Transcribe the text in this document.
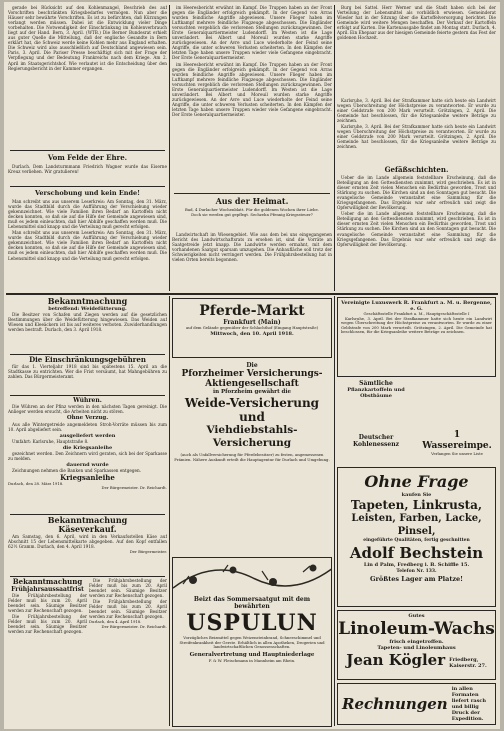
gerade bei Rücksicht auf den Kohlenmangel, Beschrieb des auf Vorschriften beschränkten Kriegsbedarfes vermögen. Nun aber die Häuser sehr bewährte Vorschriften. Es ist zu befürchten, daß Kürzungen verlangt werden müssen. Dabei ist die Entwicklung vieler Dinge vorbehalten. Die Notwendigkeit der Einschränkung im Kohlenverbrauch liegt auf der Hand. Bern, 3. April. (WTB.) Die Berner Bundesrat erhielt aus guter Quelle die Mitteilung, daß der englische Gesandte in Bern erklärt hat, die Schweiz werde keine Kohlen mehr aus England erhalten. Die Schweiz wird also ausschließlich auf Deutschland angewiesen sein. Paris, 3. April. Die Pariser Presse beschäftigt sich mit der Frage der Verpflegung und der Bedeutung Frankreichs nach dem Kriege. Am 2. April im Staatsgerichtshof. Wie verlautet ist die Entscheidung über den Regierungsbericht in der Kammer ergangen.

Vom Felde der Ehre.

Durlach. Dem Landsturmmann Friedrich Wagner wurde das Eiserne Kreuz verliehen. Wir gratulieren!

Verschobung und kein Ende!

Man schreibt uns aus unserem Leserkreis: Am Sonntag, den 31. März, wurde das Stadtbild durch die Aufführung der Verschiebung wieder gekennzeichnet. Wie viele Familien ihren Bedarf an Kartoffeln nicht decken konnten, so daß sie auf die Hilfe der Gemeinde angewiesen sind, muß es jedem einleuchten, daß hier Abhilfe geschaffen werden muß. Die Lebensmittel sind knapp und die Verteilung muß gerecht erfolgen.

Man schreibt uns aus unserem Leserkreis: Am Sonntag, den 31. März, wurde das Stadtbild durch die Aufführung der Verschiebung wieder gekennzeichnet. Wie viele Familien ihren Bedarf an Kartoffeln nicht decken konnten, so daß sie auf die Hilfe der Gemeinde angewiesen sind, muß es jedem einleuchten, daß hier Abhilfe geschaffen werden muß. Die Lebensmittel sind knapp und die Verteilung muß gerecht erfolgen.

im Heeresbericht erwähnt im Kampf. Die Truppen haben an der Front gegen die Engländer erfolgreich gekämpft. In der Gegend von Arras wurden feindliche Angriffe abgewiesen. Unsere Flieger haben im Luftkampf mehrere feindliche Flugzeuge abgeschossen. Die Engländer versuchten vergeblich die verlorenen Stellungen zurückzugewinnen. Der Erste Generalquartiermeister Ludendorff. Im Westen ist die Lage unverändert. Bei Albert und Moreuil wurden starke Angriffe zurückgewiesen. An der Avre und Luce wiederholte der Feind seine Angriffe, die unter schweren Verlusten scheiterten. In den Kämpfen der letzten Tage haben unsere Truppen wieder viele Gefangene eingebracht. Der Erste Generalquartiermeister.

im Heeresbericht erwähnt im Kampf. Die Truppen haben an der Front gegen die Engländer erfolgreich gekämpft. In der Gegend von Arras wurden feindliche Angriffe abgewiesen. Unsere Flieger haben im Luftkampf mehrere feindliche Flugzeuge abgeschossen. Die Engländer versuchten vergeblich die verlorenen Stellungen zurückzugewinnen. Der Erste Generalquartiermeister Ludendorff. Im Westen ist die Lage unverändert. Bei Albert und Moreuil wurden starke Angriffe zurückgewiesen. An der Avre und Luce wiederholte der Feind seine Angriffe, die unter schweren Verlusten scheiterten. In den Kämpfen der letzten Tage haben unsere Truppen wieder viele Gefangene eingebracht. Der Erste Generalquartiermeister.

Aus der Heimat.

Bad, 4 Durlacher Wochenblatt. Für die goldenen Wochen ihrer Liebe. Doch sie werden gut gepflegt. Sechzehn Pfennig Kriegssteuer?

Landwirtschaft im Wiesengebiet. Wie aus dem bei uns eingegangenen Bericht des Landwirtschaftsrats zu ersehen ist, sind die Vorräte an Saatgetreide jetzt knapp. Die Landwirte werden ermahnt, mit dem vorhandenen Saatgut sparsam umzugehen. Die Anbaufläche soll trotz der Schwierigkeiten nicht verringert werden. Die Frühjahrsbestellung hat in vielen Orten bereits begonnen.

Burg bei Sattel. Herr Werner und die Stadt haben sich bei der Verteilung der Lebensmittel als vorbildlich erwiesen. Gemeinderat Wiesler hat in der Sitzung über die Kartoffelversorgung berichtet. Die Gemeinde wird weitere Mengen beschaffen. Der Verkauf der Kartoffeln erfolgt auf Karten. Die Kartenausgabe findet am Montag statt. Durlach, 4. April. Ein Ehepaar aus der hiesigen Gemeinde feierte gestern das Fest der goldenen Hochzeit.

Karlsruhe, 3. April. Bei der Strafkammer hatte sich heute ein Landwirt wegen Überschreitung der Höchstpreise zu verantworten. Er wurde zu einer Geldstrafe von 200 Mark verurteilt. Grötzingen, 2. April. Die Gemeinde hat beschlossen, für die Kriegsanleihe weitere Beträge zu zeichnen.

Karlsruhe, 3. April. Bei der Strafkammer hatte sich heute ein Landwirt wegen Überschreitung der Höchstpreise zu verantworten. Er wurde zu einer Geldstrafe von 200 Mark verurteilt. Grötzingen, 2. April. Die Gemeinde hat beschlossen, für die Kriegsanleihe weitere Beträge zu zeichnen.

Gefäßschichten.

Ueber die im Lande allgemein feststellbare Erscheinung, daß die Beteiligung an den Gottesdiensten zunimmt, wird geschrieben. Es ist in dieser ernsten Zeit vielen Menschen ein Bedürfnis geworden, Trost und Stärkung zu suchen. Die Kirchen sind an den Sonntagen gut besucht. Die evangelische Gemeinde veranstaltet eine Sammlung für die Kriegsgefangenen. Das Ergebnis war sehr erfreulich und zeigt die Opferwilligkeit der Bevölkerung.

Ueber die im Lande allgemein feststellbare Erscheinung, daß die Beteiligung an den Gottesdiensten zunimmt, wird geschrieben. Es ist in dieser ernsten Zeit vielen Menschen ein Bedürfnis geworden, Trost und Stärkung zu suchen. Die Kirchen sind an den Sonntagen gut besucht. Die evangelische Gemeinde veranstaltet eine Sammlung für die Kriegsgefangenen. Das Ergebnis war sehr erfreulich und zeigt die Opferwilligkeit der Bevölkerung.

Bekanntmachung
betreffend: Weidefütterung.

Die Besitzer von Schafen und Ziegen werden auf die gesetzlichen Bestimmungen über die Weidefütterung hingewiesen. Das Weiden auf Wiesen und Kleeäckern ist bis auf weiteres verboten. Zuwiderhandlungen werden bestraft. Durlach, den 3. April 1918.

Die Einschränkungsgebühren

für das 1. Vierteljahr 1918 sind bis spätestens 15. April an die Stadtkasse zu entrichten. Wer die Frist versäumt, hat Mahngebühren zu zahlen. Das Bürgermeisteramt.

Wühren.

Die Wühren an der Pfinz werden in den nächsten Tagen gereinigt. Die Anlieger werden ersucht, die Arbeiten nicht zu stören.

Ohne Verzug.

Aus alle Wintergetreide angemeldeten Stroh-Vorräte müssen bis zum 10. April abgeliefert sein.

ausgeliefert werden

Umfahrt: Karlsruhe, Hauptstraße 8.

die Kriegsanleihe

gezeichnet werden. Den Zeichnern wird geraten, sich bei der Sparkasse zu melden.

dauernd wurde

Zeichnungen nehmen die Banken und Sparkassen entgegen.

Kriegsanleihe
Durlach, den 28. März 1918.
Der Bürgermeister. Dr. Reichardt.
Bekanntmachung
Käseverkauf.

Am Samstag, den 6. April, wird in den Verkaufsstellen Käse auf Abschnitt 15 der Lebensmittelkarte abgegeben. Auf den Kopf entfallen 62½ Gramm. Durlach, den 4. April 1918.

Der Bürgermeister.
Bekanntmachung
Frühjahrsaussaatfrist

Die Frühjahrsbestellung der Felder muß bis zum 20. April beendet sein. Säumige Besitzer werden zur Rechenschaft gezogen.

Die Frühjahrsbestellung der Felder muß bis zum 20. April beendet sein. Säumige Besitzer werden zur Rechenschaft gezogen.

Die Frühjahrsbestellung der Felder muß bis zum 20. April beendet sein. Säumige Besitzer werden zur Rechenschaft gezogen.

Die Frühjahrsbestellung der Felder muß bis zum 20. April beendet sein. Säumige Besitzer werden zur Rechenschaft gezogen.

Durlach, den 4. April 1918.
Der Bürgermeister. Dr. Reichardt.
Pferde-Markt
Frankfurt (Main)
auf dem Gelände gegenüber der Schlachthof (Eingang Hauptstraße)
Mittwoch, den 10. April 1918.
Die
Pforzheimer Versicherungs-Aktiengesellschaft
in Pforzheim gewährt die
Weide-Versicherung und
Viehdiebstahls-Versicherung
(auch als Unfallversicherung für Pferdebesitzer) zu festen, angemessenen Prämien. Nähere Auskunft erteilt die Hauptagentur für Durlach und Umgebung.
Beizt das Sommersaatgut mit dem bewährten
USPULUN
Vorzügliches Beizmittel gegen Weizensteinbrand, Schneeschimmel und Streifenkrankheit der Gerste. Erhältlich in allen Apotheken, Drogerien und landwirtschaftlichen Genossenschaften.
Generalvertretung und Hauptniederlage
F. & W. Fleischmann in Mannheim am Rhein.
Vereinigte Luxuswerk R. Frankfurt a. M. u. Bergenne, e. G.
Geschäftsstelle Frankfurt a. M., Hauptgeschäftsstelle I

Karlsruhe, 3. April. Bei der Strafkammer hatte sich heute ein Landwirt wegen Überschreitung der Höchstpreise zu verantworten. Er wurde zu einer Geldstrafe von 200 Mark verurteilt. Grötzingen, 2. April. Die Gemeinde hat beschlossen, für die Kriegsanleihe weitere Beträge zu zeichnen.

Sämtliche
Pflanzkartoffeln und Obstbäume
Deutscher Kohlenessenz
1 Wassereimpe.
Verlangen Sie unsere Liste
Ohne Frage
kaufen Sie
Tapeten, Linkrusta,
Leisten, Farben, Lacke, Pinsel,
eingeführte Qualitäten, fertig geschnitten
Adolf Bechstein
Lin d Palm, Fredberg i. B. Schiffle 15.
Telefon Nr. 133.
Größtes Lager am Platze!
Gutes
Linoleum-Wachs
frisch eingetroffen.
Tapeten- und Linoleumhaus
Jean Kögler Friedberg,
Kaiserstr. 27.
Rechnungen
in allen Formaten liefert rasch und billig Druck der Expedition.
